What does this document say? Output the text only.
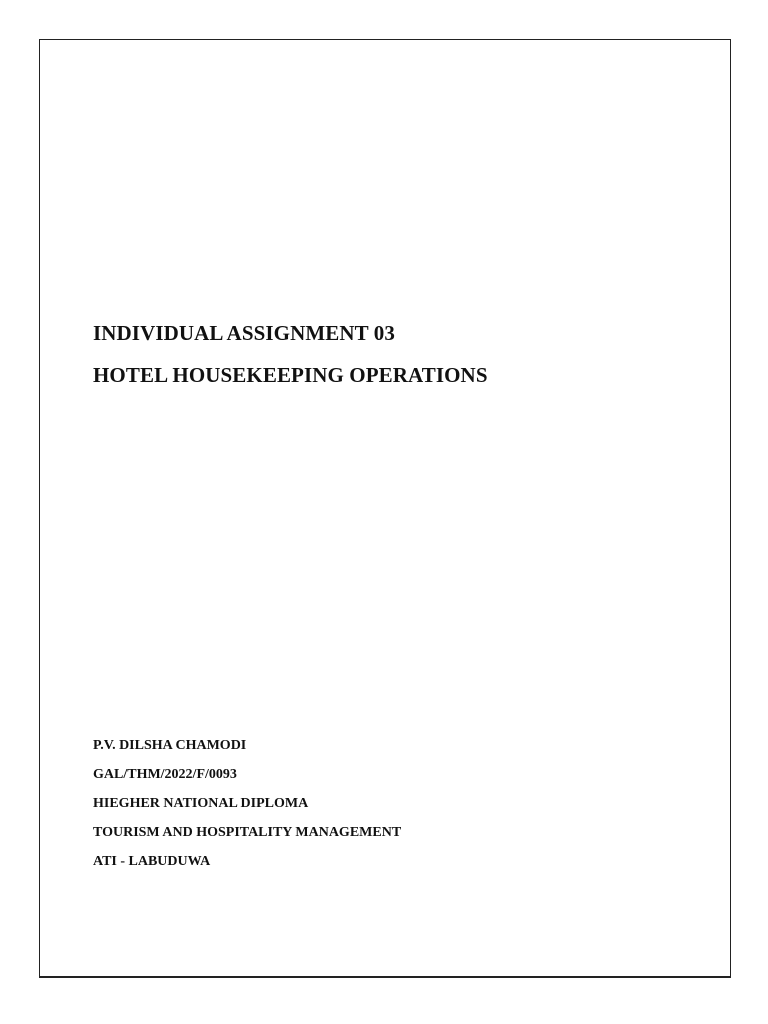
INDIVIDUAL ASSIGNMENT 03
HOTEL HOUSEKEEPING OPERATIONS
P.V. DILSHA CHAMODI
GAL/THM/2022/F/0093
HIEGHER NATIONAL DIPLOMA
TOURISM AND HOSPITALITY MANAGEMENT
ATI - LABUDUWA
